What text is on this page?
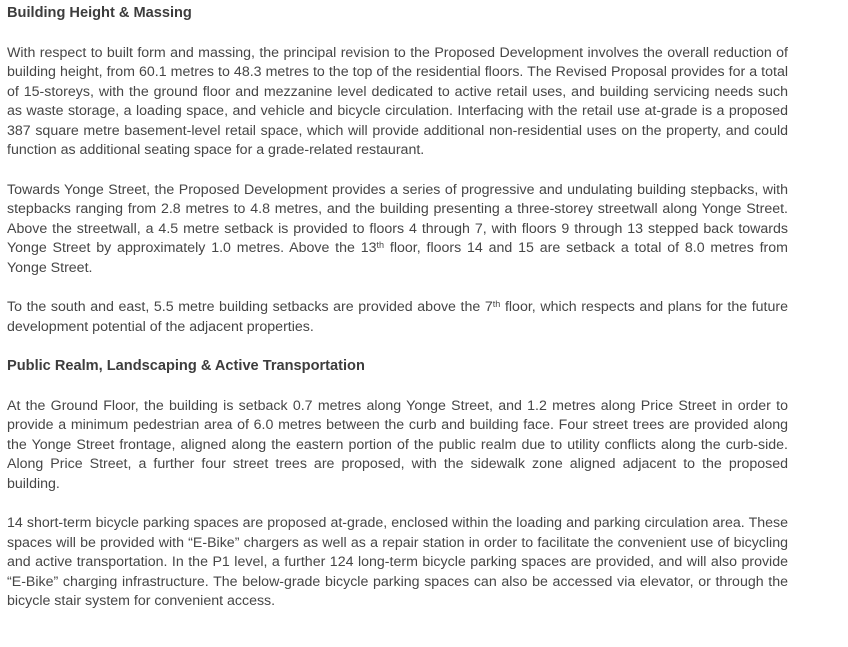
Building Height & Massing

With respect to built form and massing, the principal revision to the Proposed Development involves the overall reduction of building height, from 60.1 metres to 48.3 metres to the top of the residential floors. The Revised Proposal provides for a total of 15-storeys, with the ground floor and mezzanine level dedicated to active retail uses, and building servicing needs such as waste storage, a loading space, and vehicle and bicycle circulation. Interfacing with the retail use at-grade is a proposed 387 square metre basement-level retail space, which will provide additional non-residential uses on the property, and could function as additional seating space for a grade-related restaurant.

Towards Yonge Street, the Proposed Development provides a series of progressive and undulating building stepbacks, with stepbacks ranging from 2.8 metres to 4.8 metres, and the building presenting a three-storey streetwall along Yonge Street. Above the streetwall, a 4.5 metre setback is provided to floors 4 through 7, with floors 9 through 13 stepped back towards Yonge Street by approximately 1.0 metres. Above the 13th floor, floors 14 and 15 are setback a total of 8.0 metres from Yonge Street.

To the south and east, 5.5 metre building setbacks are provided above the 7th floor, which respects and plans for the future development potential of the adjacent properties.

Public Realm, Landscaping & Active Transportation

At the Ground Floor, the building is setback 0.7 metres along Yonge Street, and 1.2 metres along Price Street in order to provide a minimum pedestrian area of 6.0 metres between the curb and building face. Four street trees are provided along the Yonge Street frontage, aligned along the eastern portion of the public realm due to utility conflicts along the curb-side. Along Price Street, a further four street trees are proposed, with the sidewalk zone aligned adjacent to the proposed building.

14 short-term bicycle parking spaces are proposed at-grade, enclosed within the loading and parking circulation area. These spaces will be provided with “E-Bike” chargers as well as a repair station in order to facilitate the convenient use of bicycling and active transportation. In the P1 level, a further 124 long-term bicycle parking spaces are provided, and will also provide “E-Bike” charging infrastructure. The below-grade bicycle parking spaces can also be accessed via elevator, or through the bicycle stair system for convenient access.
